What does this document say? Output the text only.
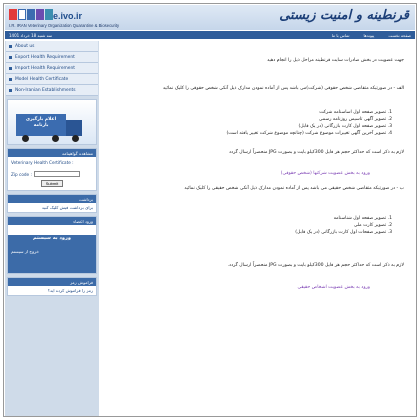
e.ivo.ir
I.R. IRAN Veterinary Organization Quarantine & Biosecurity
قرنطینه و امنیت زیستی
سه شنبه 18 خرداد 1401	صفحه نخست
پیوندها
تماس با ما
About us
Export Health Requirement
Import Health Requirement
Model Health Certificate
Non-Iranian Establishments
اعلام بارگیری بارنامه
مشاهده گواهینامه
Veterinary Health Certificate :
Zip code :
Submit
برداشت
برای برداشت فیش کلیک کنید
ورود اعضاء
ورود به سیستم
خروج از سیستم
فراموش رمز
رمز را فراموش کرده اید؟
جهت عضویت در بخش صادرات سایت قرنطینه مراحل ذیل را انجام دهید
الف - در صورتیکه متقاضی شخص حقوقی (شرکت)می باشد پس از آماده نمودن مدارک ذیل آنکی شخص حقوقی را کلیک نمائید
1. تصویر صفحه اول اساسنامه شرکت
2. تصویر آگهی تاسیس روزنامه رسمی
3. تصویر صفحه اول کارت بازرگانی (در یک قابل)
4. تصویر آخرین آگهی تغییرات موضوع شرکت (چنانچه موضوع شرکت تغییر یافته است)
لازم به ذکر است که حداکثر حجم هر فایل 300کیلو بایت و بصورت JPG منحصراً ارسال گردد
ورود به بخش عضویت شرکتها (شخص حقوقی)
ب - در صورتیکه متقاضی شخص حقیقی می باشد پس از آماده نمودن مدارک ذیل آنکی شخص حقیقی را کلیک نمائید
1. تصویر صفحه اول شناسنامه
2. تصویر کارت ملی
3. تصویر صفحات اول کارت بازرگانی (در یک قابل)
لازم به ذکر است که حداکثر حجم هر فایل 300کیلو بایت و بصورت JPG منحصراً ارسال گردد.
ورود به بخش عضویت اشخاص حقیقی
